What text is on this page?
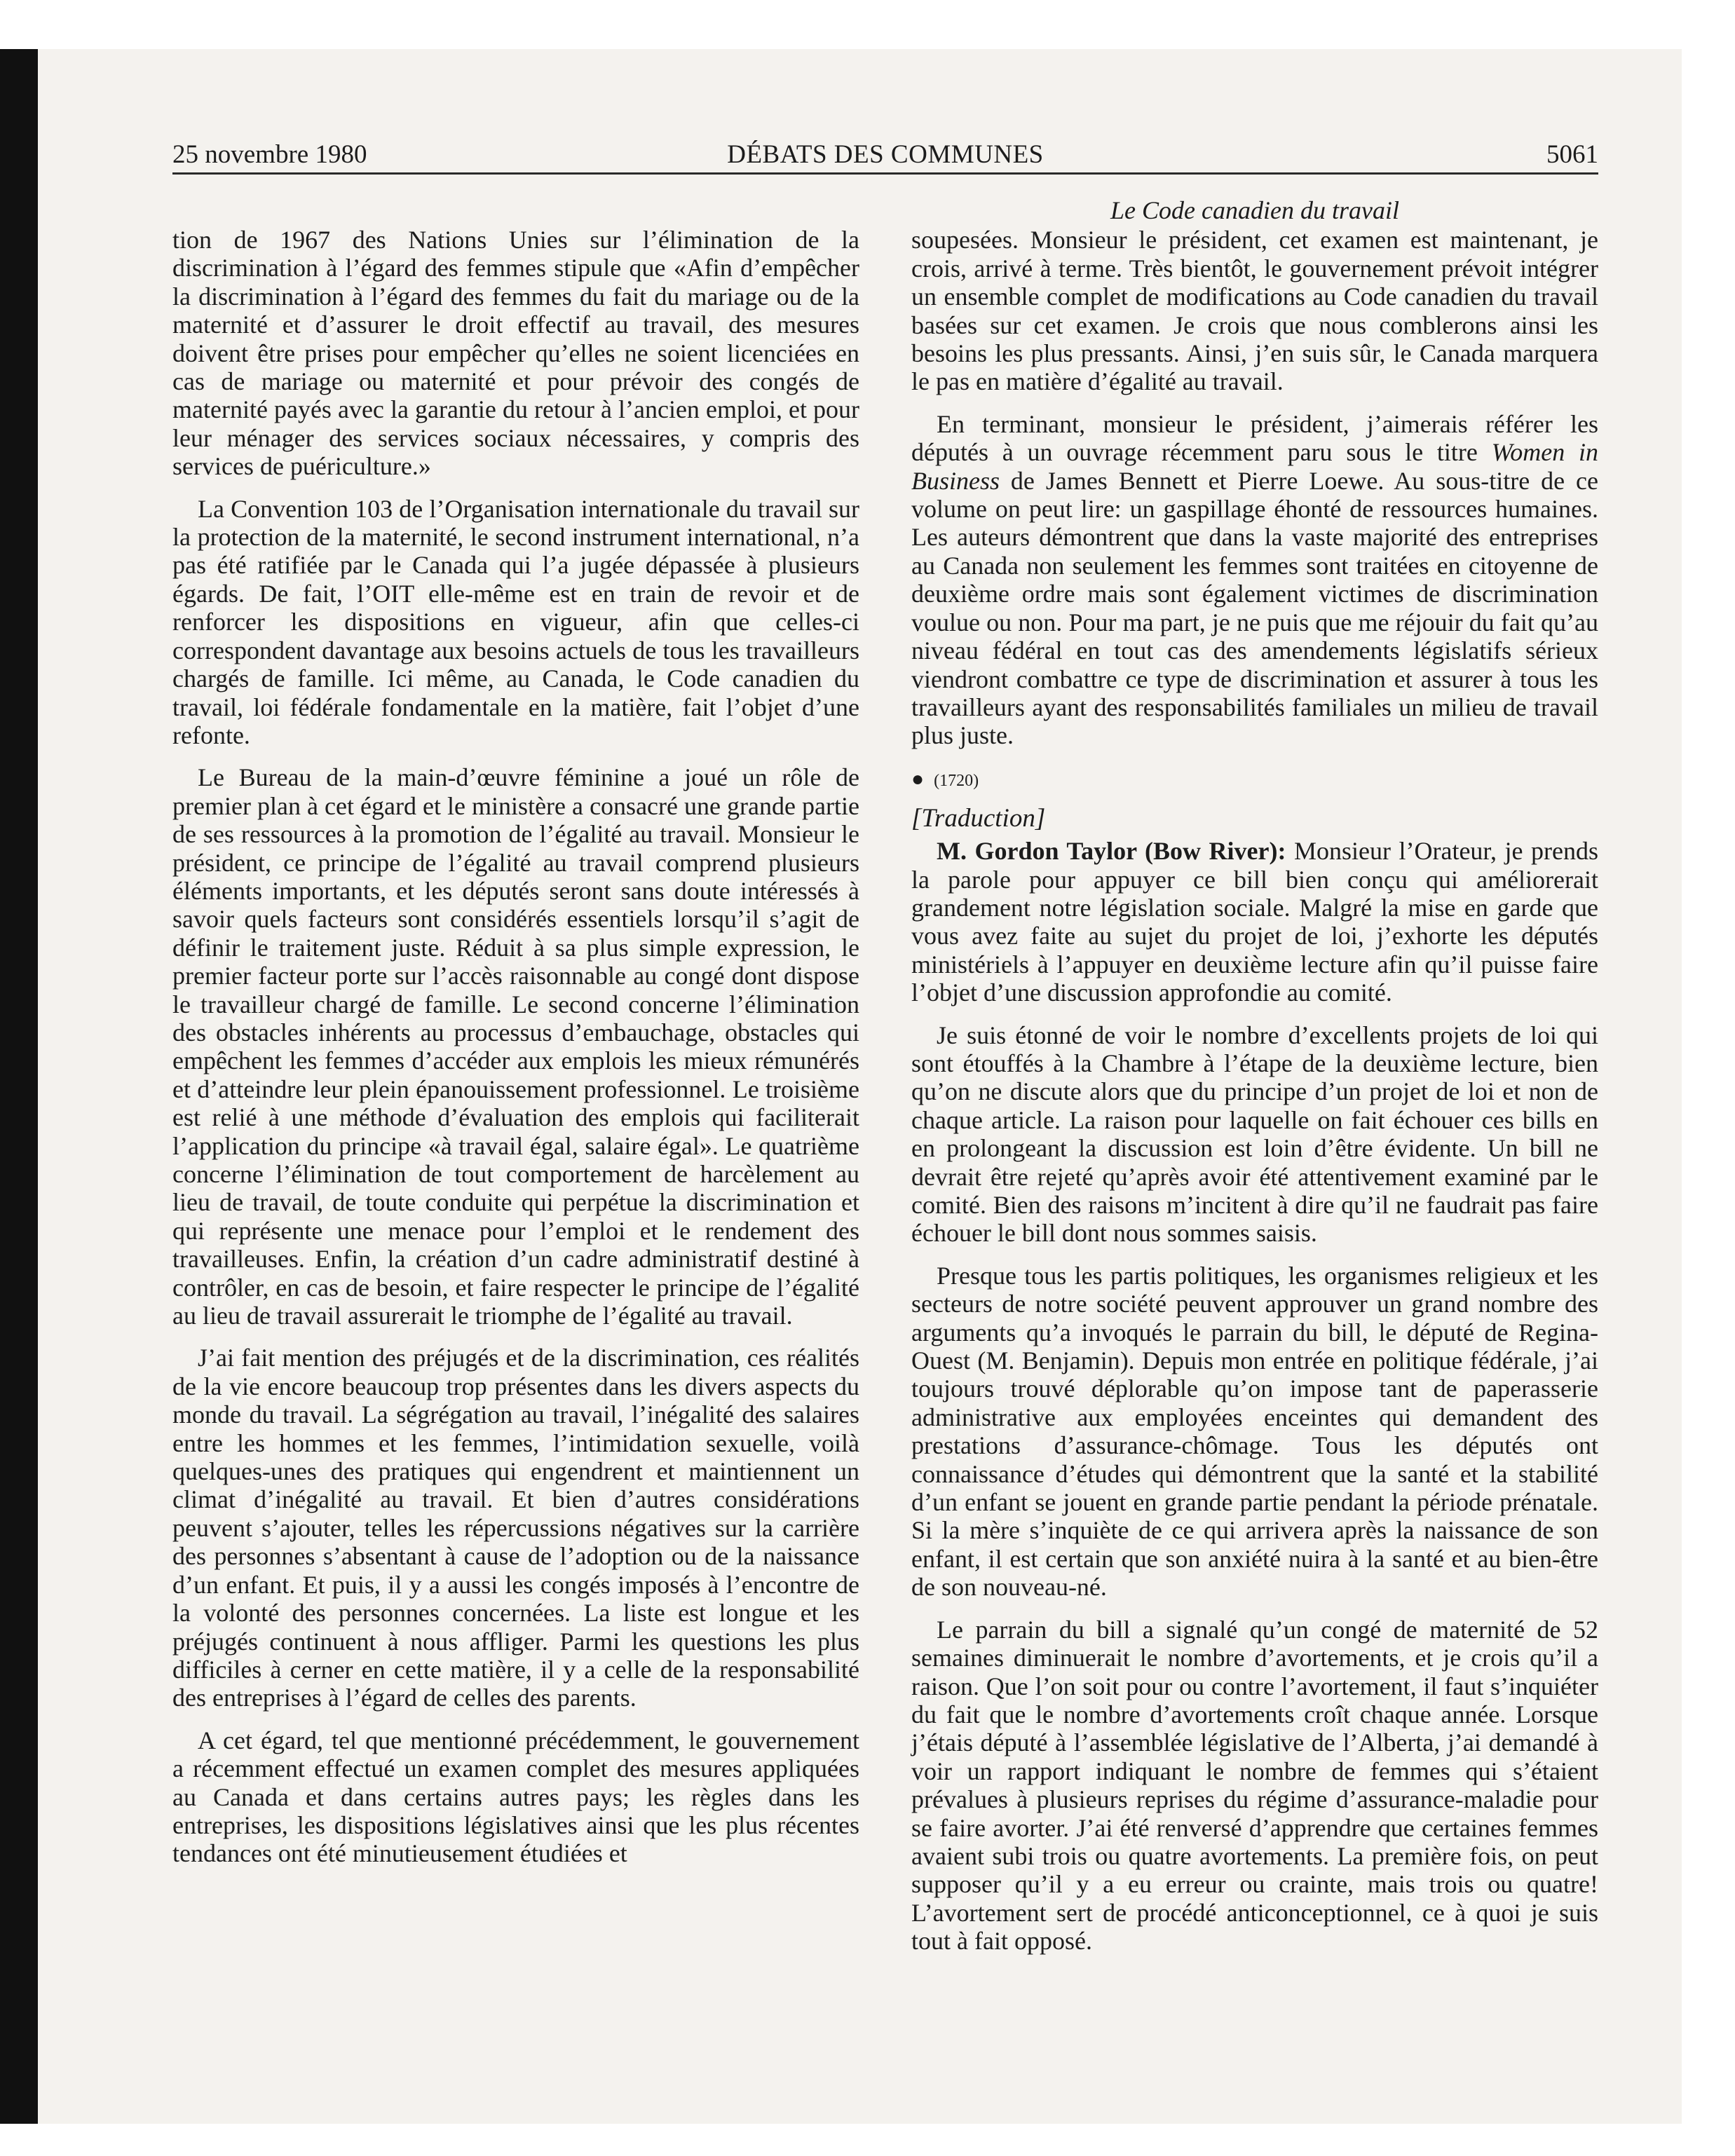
25 novembre 1980	DÉBATS DES COMMUNES	5061

tion de 1967 des Nations Unies sur l’élimination de la discrimination à l’égard des femmes stipule que «Afin d’empêcher la discrimination à l’égard des femmes du fait du mariage ou de la maternité et d’assurer le droit effectif au travail, des mesures doivent être prises pour empêcher qu’elles ne soient licenciées en cas de mariage ou maternité et pour prévoir des congés de maternité payés avec la garantie du retour à l’ancien emploi, et pour leur ménager des services sociaux nécessaires, y compris des services de puériculture.»

La Convention 103 de l’Organisation internationale du travail sur la protection de la maternité, le second instrument international, n’a pas été ratifiée par le Canada qui l’a jugée dépassée à plusieurs égards. De fait, l’OIT elle-même est en train de revoir et de renforcer les dispositions en vigueur, afin que celles-ci correspondent davantage aux besoins actuels de tous les travailleurs chargés de famille. Ici même, au Canada, le Code canadien du travail, loi fédérale fondamentale en la matière, fait l’objet d’une refonte.

Le Bureau de la main-d’œuvre féminine a joué un rôle de premier plan à cet égard et le ministère a consacré une grande partie de ses ressources à la promotion de l’égalité au travail. Monsieur le président, ce principe de l’égalité au travail comprend plusieurs éléments importants, et les députés seront sans doute intéressés à savoir quels facteurs sont considérés essentiels lorsqu’il s’agit de définir le traitement juste. Réduit à sa plus simple expression, le premier facteur porte sur l’accès raisonnable au congé dont dispose le travailleur chargé de famille. Le second concerne l’élimination des obstacles inhérents au processus d’embauchage, obstacles qui empêchent les femmes d’accéder aux emplois les mieux rémunérés et d’atteindre leur plein épanouissement professionnel. Le troisième est relié à une méthode d’évaluation des emplois qui faciliterait l’application du principe «à travail égal, salaire égal». Le quatrième concerne l’élimination de tout comportement de harcèlement au lieu de travail, de toute conduite qui perpétue la discrimination et qui représente une menace pour l’emploi et le rendement des travailleuses. Enfin, la création d’un cadre administratif destiné à contrôler, en cas de besoin, et faire respecter le principe de l’égalité au lieu de travail assurerait le triomphe de l’égalité au travail.

J’ai fait mention des préjugés et de la discrimination, ces réalités de la vie encore beaucoup trop présentes dans les divers aspects du monde du travail. La ségrégation au travail, l’inégalité des salaires entre les hommes et les femmes, l’intimidation sexuelle, voilà quelques-unes des pratiques qui engendrent et maintiennent un climat d’inégalité au travail. Et bien d’autres considérations peuvent s’ajouter, telles les répercussions négatives sur la carrière des personnes s’absentant à cause de l’adoption ou de la naissance d’un enfant. Et puis, il y a aussi les congés imposés à l’encontre de la volonté des personnes concernées. La liste est longue et les préjugés continuent à nous affliger. Parmi les questions les plus difficiles à cerner en cette matière, il y a celle de la responsabilité des entreprises à l’égard de celles des parents.

A cet égard, tel que mentionné précédemment, le gouvernement a récemment effectué un examen complet des mesures appliquées au Canada et dans certains autres pays; les règles dans les entreprises, les dispositions législatives ainsi que les plus récentes tendances ont été minutieusement étudiées et

Le Code canadien du travail

soupesées. Monsieur le président, cet examen est maintenant, je crois, arrivé à terme. Très bientôt, le gouvernement prévoit intégrer un ensemble complet de modifications au Code canadien du travail basées sur cet examen. Je crois que nous comblerons ainsi les besoins les plus pressants. Ainsi, j’en suis sûr, le Canada marquera le pas en matière d’égalité au travail.

En terminant, monsieur le président, j’aimerais référer les députés à un ouvrage récemment paru sous le titre Women in Business de James Bennett et Pierre Loewe. Au sous-titre de ce volume on peut lire: un gaspillage éhonté de ressources humaines. Les auteurs démontrent que dans la vaste majorité des entreprises au Canada non seulement les femmes sont traitées en citoyenne de deuxième ordre mais sont également victimes de discrimination voulue ou non. Pour ma part, je ne puis que me réjouir du fait qu’au niveau fédéral en tout cas des amendements législatifs sérieux viendront combattre ce type de discrimination et assurer à tous les travailleurs ayant des responsabilités familiales un milieu de travail plus juste.

● (1720)
[Traduction]

M. Gordon Taylor (Bow River): Monsieur l’Orateur, je prends la parole pour appuyer ce bill bien conçu qui améliorerait grandement notre législation sociale. Malgré la mise en garde que vous avez faite au sujet du projet de loi, j’exhorte les députés ministériels à l’appuyer en deuxième lecture afin qu’il puisse faire l’objet d’une discussion approfondie au comité.

Je suis étonné de voir le nombre d’excellents projets de loi qui sont étouffés à la Chambre à l’étape de la deuxième lecture, bien qu’on ne discute alors que du principe d’un projet de loi et non de chaque article. La raison pour laquelle on fait échouer ces bills en en prolongeant la discussion est loin d’être évidente. Un bill ne devrait être rejeté qu’après avoir été attentivement examiné par le comité. Bien des raisons m’incitent à dire qu’il ne faudrait pas faire échouer le bill dont nous sommes saisis.

Presque tous les partis politiques, les organismes religieux et les secteurs de notre société peuvent approuver un grand nombre des arguments qu’a invoqués le parrain du bill, le député de Regina-Ouest (M. Benjamin). Depuis mon entrée en politique fédérale, j’ai toujours trouvé déplorable qu’on impose tant de paperasserie administrative aux employées enceintes qui demandent des prestations d’assurance-chômage. Tous les députés ont connaissance d’études qui démontrent que la santé et la stabilité d’un enfant se jouent en grande partie pendant la période prénatale. Si la mère s’inquiète de ce qui arrivera après la naissance de son enfant, il est certain que son anxiété nuira à la santé et au bien-être de son nouveau-né.

Le parrain du bill a signalé qu’un congé de maternité de 52 semaines diminuerait le nombre d’avortements, et je crois qu’il a raison. Que l’on soit pour ou contre l’avortement, il faut s’inquiéter du fait que le nombre d’avortements croît chaque année. Lorsque j’étais député à l’assemblée législative de l’Alberta, j’ai demandé à voir un rapport indiquant le nombre de femmes qui s’étaient prévalues à plusieurs reprises du régime d’assurance-maladie pour se faire avorter. J’ai été renversé d’apprendre que certaines femmes avaient subi trois ou quatre avortements. La première fois, on peut supposer qu’il y a eu erreur ou crainte, mais trois ou quatre! L’avortement sert de procédé anticonceptionnel, ce à quoi je suis tout à fait opposé.
